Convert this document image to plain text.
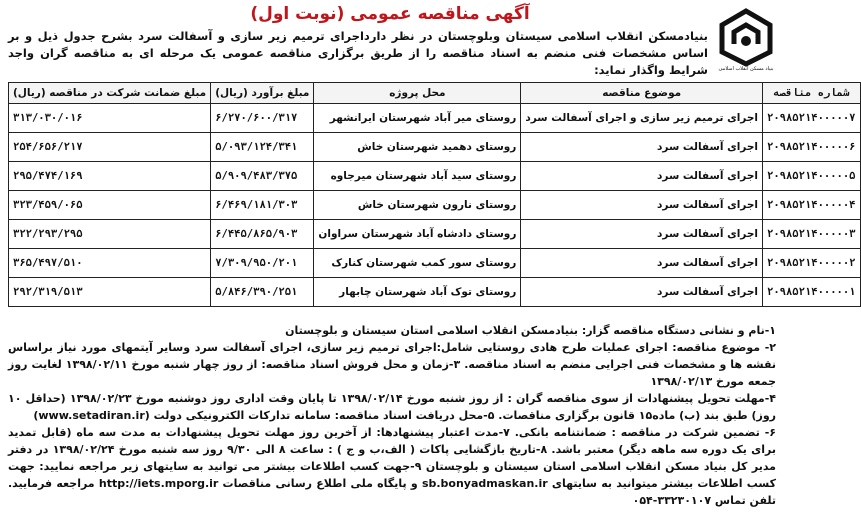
بنیاد مسکن انقلاب اسلامی
آگهی مناقصه عمومی (نوبت اول)
بنیادمسکن انقلاب اسلامی سیستان وبلوچستان در نظر دارداجرای ترمیم زیر سازی و آسفالت سرد بشرح جدول ذیل و بر اساس مشخصات فنی منضم به اسناد مناقصه را از طریق برگزاری مناقصه عمومی یک مرحله ای به مناقصه گران واجد شرایط واگذار نماید:
شماره مناقصه	موضوع مناقصه	محل پروژه	مبلغ برآورد (ریال)	مبلغ ضمانت شرکت در مناقصه (ریال)
۲۰۹۸۵۲۱۴۰۰۰۰۰۷	اجرای ترمیم زیر سازی و اجرای آسفالت سرد	روستای میر آباد شهرستان ایرانشهر	۶/۲۷۰/۶۰۰/۳۱۷	۳۱۳/۰۳۰/۰۱۶
۲۰۹۸۵۲۱۴۰۰۰۰۰۶	اجرای آسفالت سرد	روستای دهمید شهرستان خاش	۵/۰۹۳/۱۲۴/۳۴۱	۲۵۴/۶۵۶/۲۱۷
۲۰۹۸۵۲۱۴۰۰۰۰۰۵	اجرای آسفالت سرد	روستای سید آباد شهرستان میرجاوه	۵/۹۰۹/۴۸۳/۳۷۵	۲۹۵/۴۷۴/۱۶۹
۲۰۹۸۵۲۱۴۰۰۰۰۰۴	اجرای آسفالت سرد	روستای نارون شهرستان خاش	۶/۴۶۹/۱۸۱/۳۰۳	۳۲۳/۴۵۹/۰۶۵
۲۰۹۸۵۲۱۴۰۰۰۰۰۳	اجرای آسفالت سرد	روستای دادشاه آباد شهرستان سراوان	۶/۴۴۵/۸۶۵/۹۰۳	۳۲۲/۲۹۳/۲۹۵
۲۰۹۸۵۲۱۴۰۰۰۰۰۲	اجرای آسفالت سرد	روستای سور کمب شهرستان کنارک	۷/۳۰۹/۹۵۰/۲۰۱	۳۶۵/۴۹۷/۵۱۰
۲۰۹۸۵۲۱۴۰۰۰۰۰۱	اجرای آسفالت سرد	روستای توک آباد شهرستان چابهار	۵/۸۴۶/۳۹۰/۲۵۱	۲۹۲/۳۱۹/۵۱۳

۱-نام و نشانی دستگاه مناقصه گزار: بنیادمسکن انقلاب اسلامی استان سیستان و بلوچستان

۲- موضوع مناقصه: اجرای عملیات طرح هادی روستایی شامل:اجرای ترمیم زیر سازی، اجرای آسفالت سرد وسایر آیتمهای مورد نیاز براساس نقشه ها و مشخصات فنی اجرایی منضم به اسناد مناقصه. ۳-زمان و محل فروش اسناد مناقصه: از روز چهار شنبه مورخ ۱۳۹۸/۰۲/۱۱ لغایت روز جمعه مورخ ۱۳۹۸/۰۲/۱۳

۴-مهلت تحویل پیشنهادات از سوی مناقصه گران : از روز شنبه مورخ ۱۳۹۸/۰۲/۱۴ تا پایان وقت اداری روز دوشنبه مورخ ۱۳۹۸/۰۲/۲۳ (حداقل ۱۰ روز) طبق بند (ب) ماده۱۵ قانون برگزاری مناقصات. ۵-محل دریافت اسناد مناقصه: سامانه تدارکات الکترونیکی دولت (www.setadiran.ir)

۶- تضمین شرکت در مناقصه : ضمانتنامه بانکی. ۷-مدت اعتبار پیشنهادها: از آخرین روز مهلت تحویل پیشنهادات به مدت سه ماه (قابل تمدید برای یک دوره سه ماهه دیگر) معتبر باشد. ۸-تاریخ بازگشایی پاکات ( الف،ب و ج ) : ساعت ۸ الی ۹/۳۰ روز سه شنبه مورخ ۱۳۹۸/۰۲/۲۴ در دفتر مدیر کل بنیاد مسکن انقلاب اسلامی استان سیستان و بلوچستان ۹-جهت کسب اطلاعات بیشتر می توانید به سایتهای زیر مراجعه نمایید: جهت کسب اطلاعات بیشتر میتوانید به سایتهای sb.bonyadmaskan.ir و پایگاه ملی اطلاع رسانی مناقصات http://iets.mporg.ir مراجعه فرمایید. تلفن تماس ۳۳۲۳۰۱۰۷-۰۵۴
